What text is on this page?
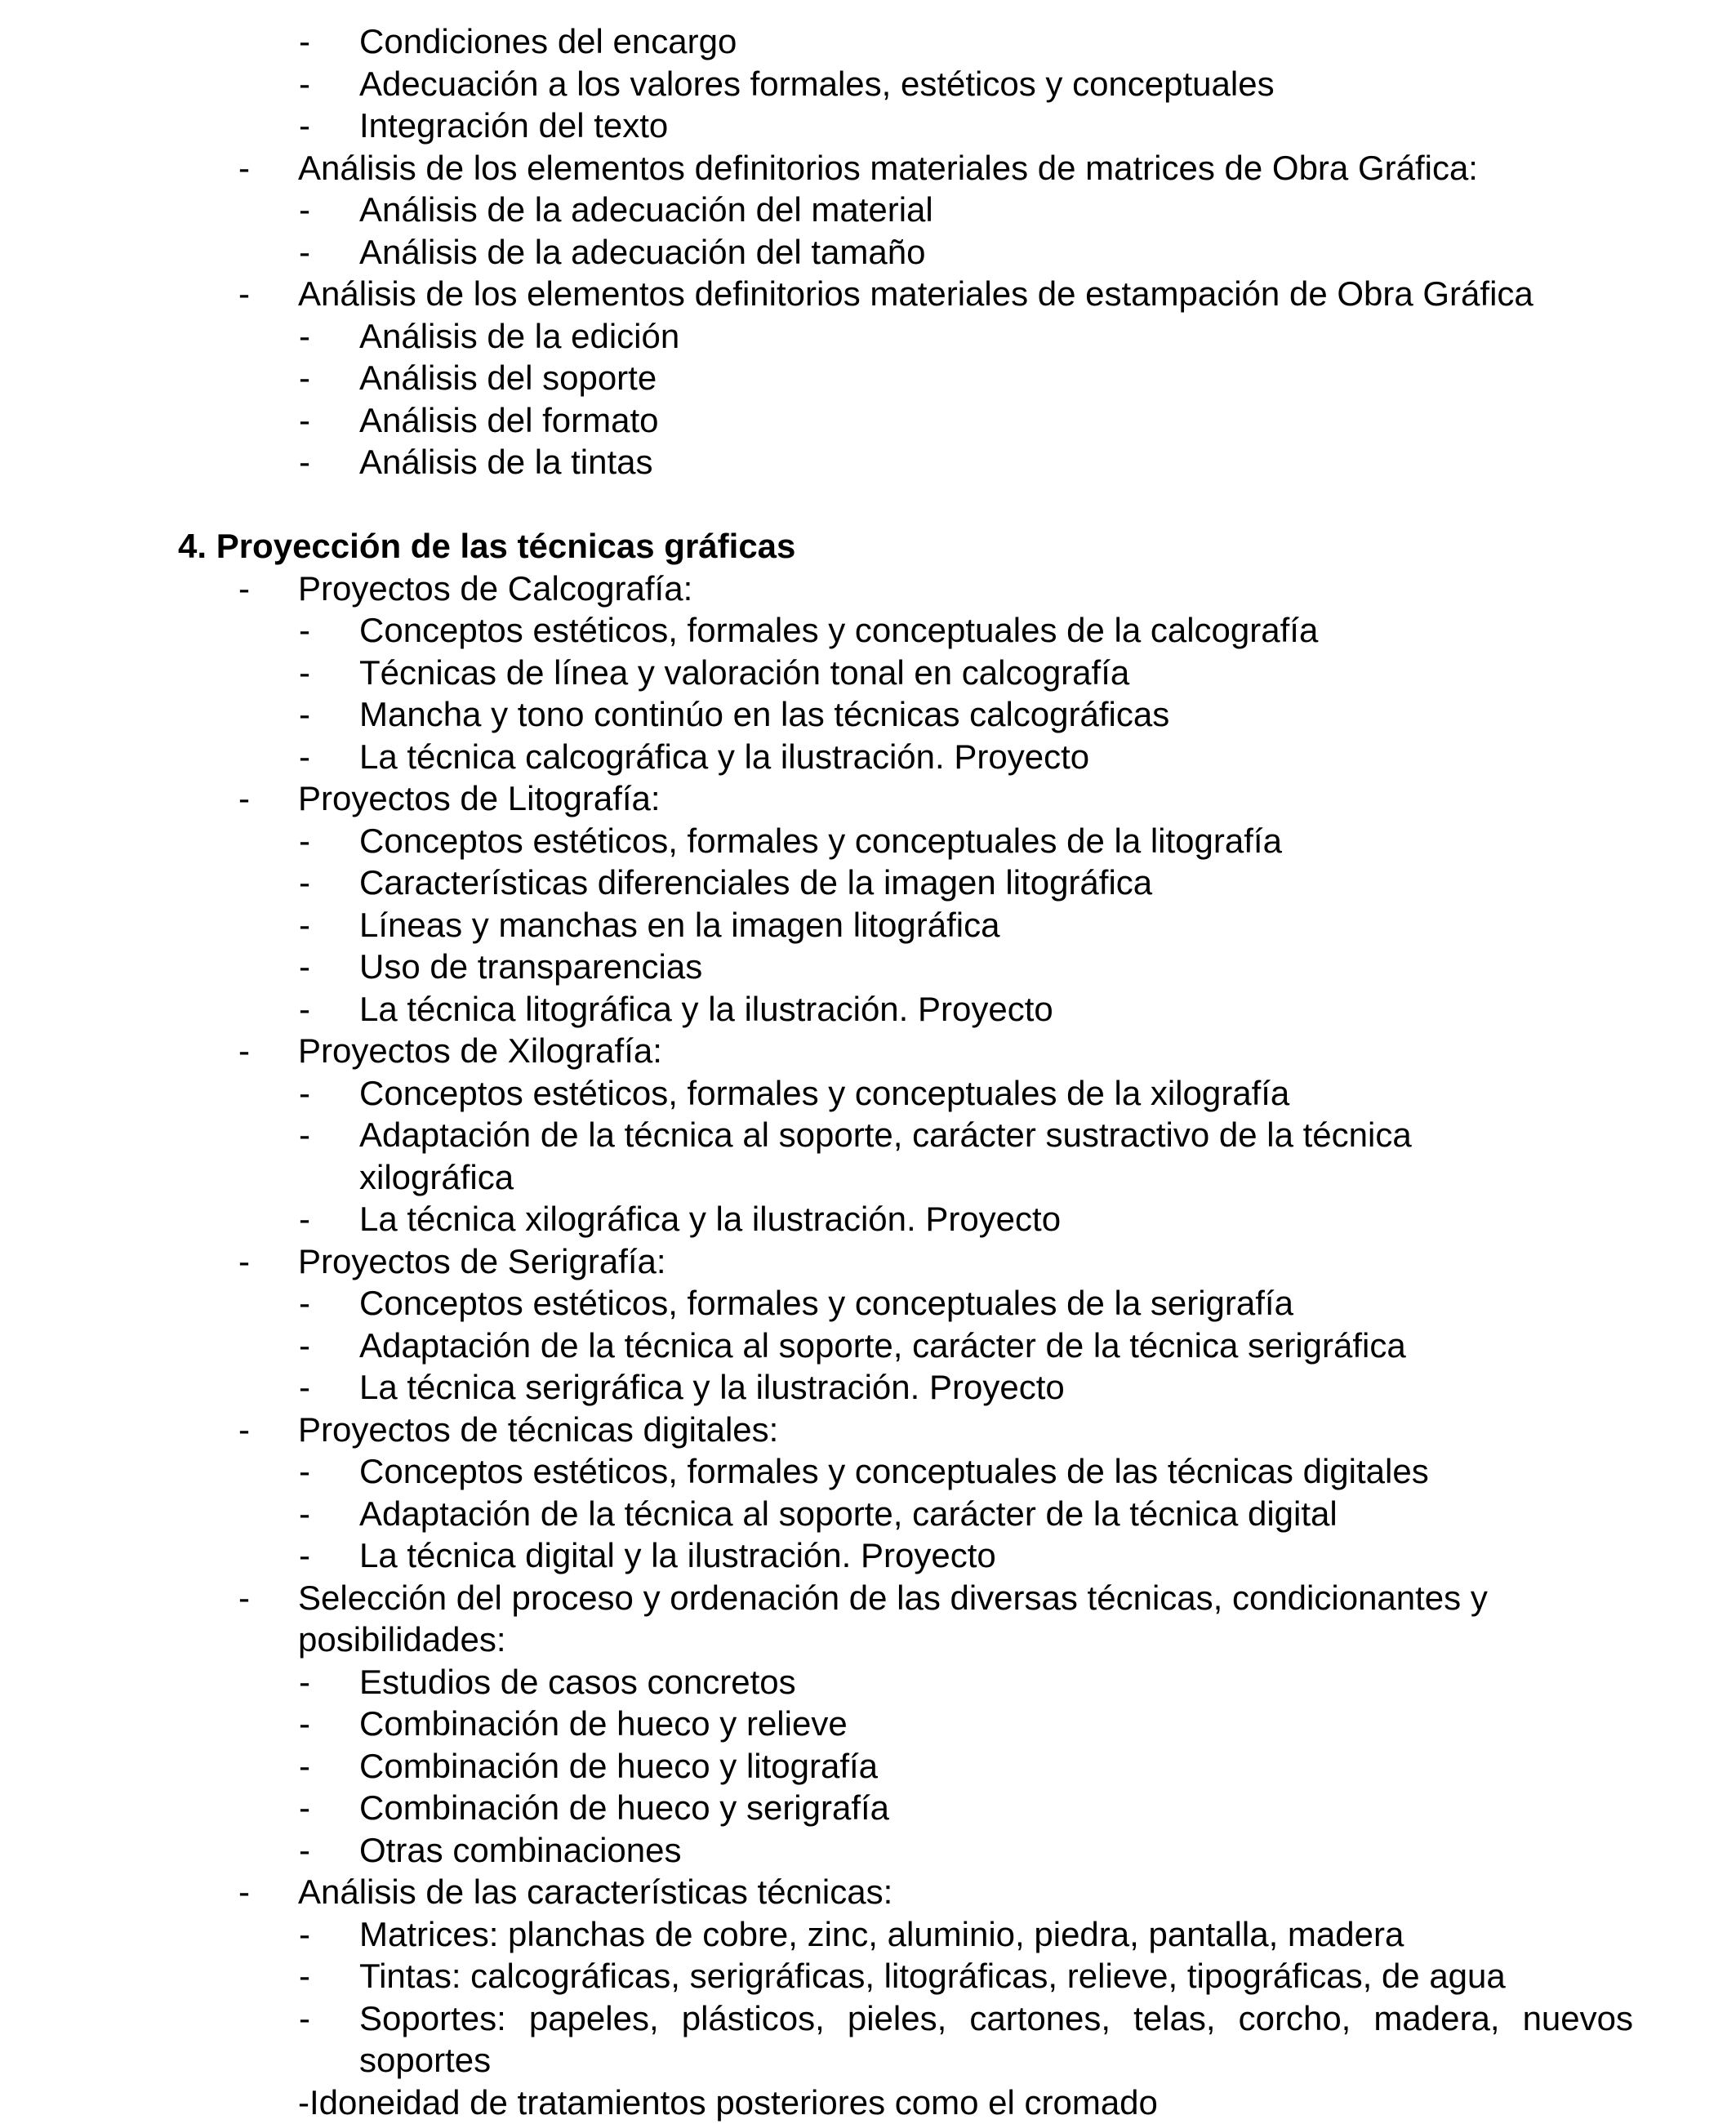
- Condiciones del encargo
- Adecuación a los valores formales, estéticos y conceptuales
- Integración del texto
- Análisis de los elementos definitorios materiales de matrices de Obra Gráfica:
- Análisis de la adecuación del material
- Análisis de la adecuación del tamaño
- Análisis de los elementos definitorios materiales de estampación de Obra Gráfica
- Análisis de la edición
- Análisis del soporte
- Análisis del formato
- Análisis de la tintas
4. Proyección de las técnicas gráficas
- Proyectos de Calcografía:
- Conceptos estéticos, formales y conceptuales de la calcografía
- Técnicas de línea y valoración tonal en calcografía
- Mancha y tono continúo en las técnicas calcográficas
- La técnica calcográfica y la ilustración. Proyecto
- Proyectos de Litografía:
- Conceptos estéticos, formales y conceptuales de la litografía
- Características diferenciales de la imagen litográfica
- Líneas y manchas en la imagen litográfica
- Uso de transparencias
- La técnica litográfica y la ilustración. Proyecto
- Proyectos de Xilografía:
- Conceptos estéticos, formales y conceptuales de la xilografía
- Adaptación de la técnica al soporte, carácter sustractivo de la técnica
xilográfica
- La técnica xilográfica y la ilustración. Proyecto
- Proyectos de Serigrafía:
- Conceptos estéticos, formales y conceptuales de la serigrafía
- Adaptación de la técnica al soporte, carácter de la técnica serigráfica
- La técnica serigráfica y la ilustración. Proyecto
- Proyectos de técnicas digitales:
- Conceptos estéticos, formales y conceptuales de las técnicas digitales
- Adaptación de la técnica al soporte, carácter de la técnica digital
- La técnica digital y la ilustración. Proyecto
- Selección del proceso y ordenación de las diversas técnicas, condicionantes y
posibilidades:
- Estudios de casos concretos
- Combinación de hueco y relieve
- Combinación de hueco y litografía
- Combinación de hueco y serigrafía
- Otras combinaciones
- Análisis de las características técnicas:
- Matrices: planchas de cobre, zinc, aluminio, piedra, pantalla, madera
- Tintas: calcográficas, serigráficas, litográficas, relieve, tipográficas, de agua
- Soportes: papeles, plásticos, pieles, cartones, telas, corcho, madera, nuevos
soportes
-Idoneidad de tratamientos posteriores como el cromado
